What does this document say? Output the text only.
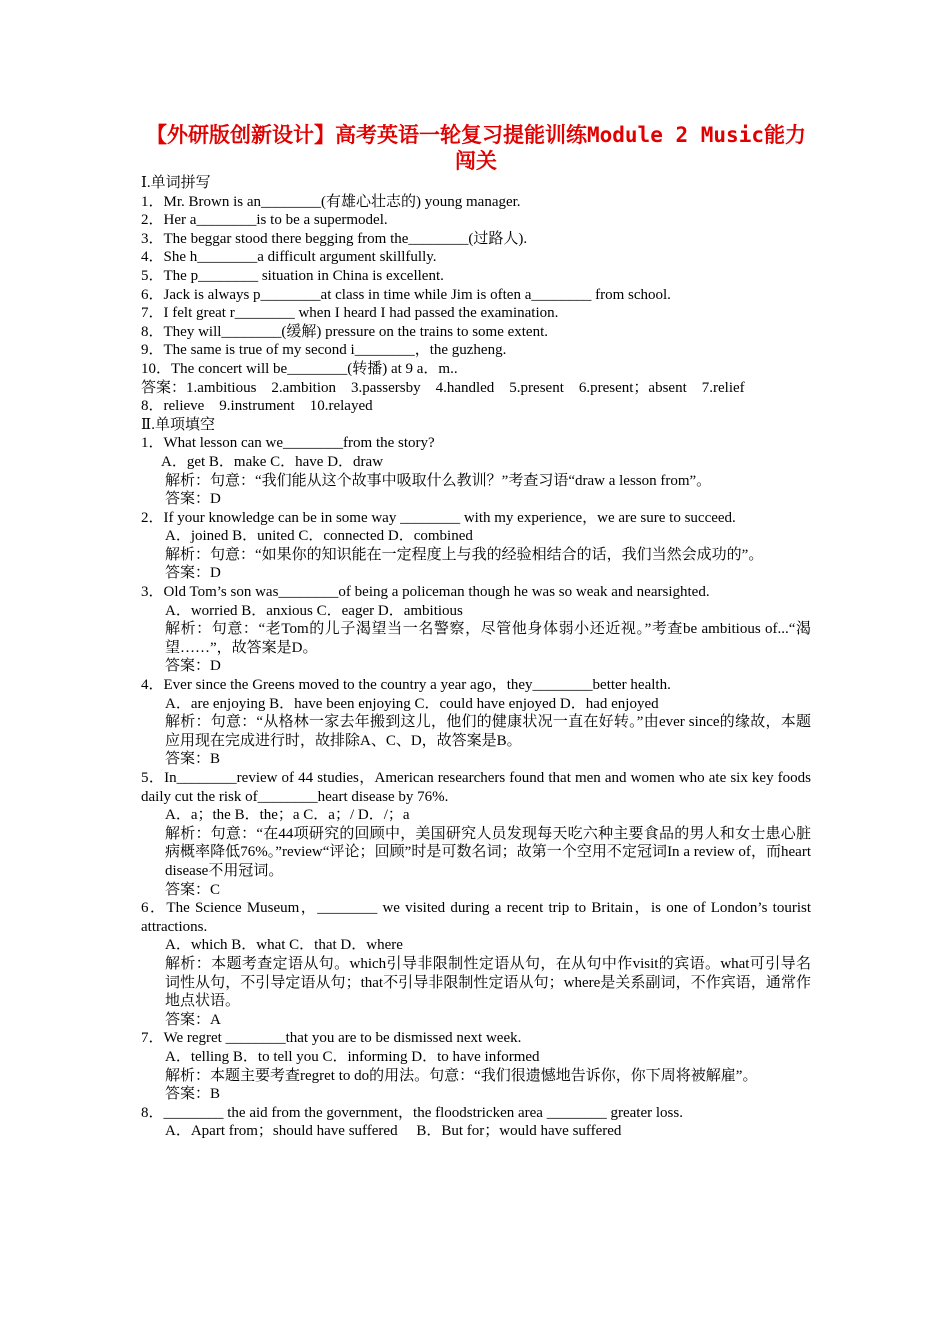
【外研版创新设计】高考英语一轮复习提能训练Module 2 Music能力闯关
Ⅰ.单词拼写
1．Mr. Brown is an________(有雄心壮志的) young manager.
2．Her a________is to be a supermodel.
3．The beggar stood there begging from the________(过路人).
4．She h________a difficult argument skillfully.
5．The p________ situation in China is excellent.
6．Jack is always p________at class in time while Jim is often a________ from school.
7．I felt great r________ when I heard I had passed the examination.
8．They will________(缓解) pressure on the trains to some extent.
9．The same is true of my second i________，the guzheng.
10．The concert will be________(转播) at 9 a．m..
答案：1.ambitious　2.ambition　3.passersby　4.handled　5.present　6.present；absent　7.relief
8．relieve　9.instrument　10.relayed
Ⅱ.单项填空
1．What lesson can we________from the story?
A．get B．make C．have D．draw
解析：句意：“我们能从这个故事中吸取什么教训？”考查习语“draw a lesson from”。
答案：D
2．If your knowledge can be in some way ________ with my experience，we are sure to succeed.
A．joined B．united C．connected D．combined
解析：句意：“如果你的知识能在一定程度上与我的经验相结合的话，我们当然会成功的”。
答案：D
3．Old Tom’s son was________of being a policeman though he was so weak and nearsighted.
A．worried B．anxious C．eager D．ambitious
解析：句意：“老Tom的儿子渴望当一名警察，尽管他身体弱小还近视。”考查be ambitious of...“渴望……”，故答案是D。
答案：D
4．Ever since the Greens moved to the country a year ago，they________better health.
A．are enjoying B．have been enjoying C．could have enjoyed D．had enjoyed
解析：句意：“从格林一家去年搬到这儿，他们的健康状况一直在好转。”由ever since的缘故，本题应用现在完成进行时，故排除A、C、D，故答案是B。
答案：B
5．In________review of 44 studies，American researchers found that men and women who ate six key foods daily cut the risk of________heart disease by 76%.
A．a；the B．the；a C．a；/ D．/；a
解析：句意：“在44项研究的回顾中，美国研究人员发现每天吃六种主要食品的男人和女士患心脏病概率降低76%。”review“评论；回顾”时是可数名词；故第一个空用不定冠词In a review of，而heart disease不用冠词。
答案：C
6．The Science Museum，________ we visited during a recent trip to Britain，is one of London’s tourist attractions.
A．which B．what C．that D．where
解析：本题考查定语从句。which引导非限制性定语从句，在从句中作visit的宾语。what可引导名词性从句，不引导定语从句；that不引导非限制性定语从句；where是关系副词，不作宾语，通常作地点状语。
答案：A
7．We regret ________that you are to be dismissed next week.
A．telling B．to tell you C．informing D．to have informed
解析：本题主要考查regret to do的用法。句意：“我们很遗憾地告诉你，你下周将被解雇”。
答案：B
8．________ the aid from the government，the floodstricken area ________ greater loss.
A．Apart from；should have suffered　 B．But for；would have suffered
